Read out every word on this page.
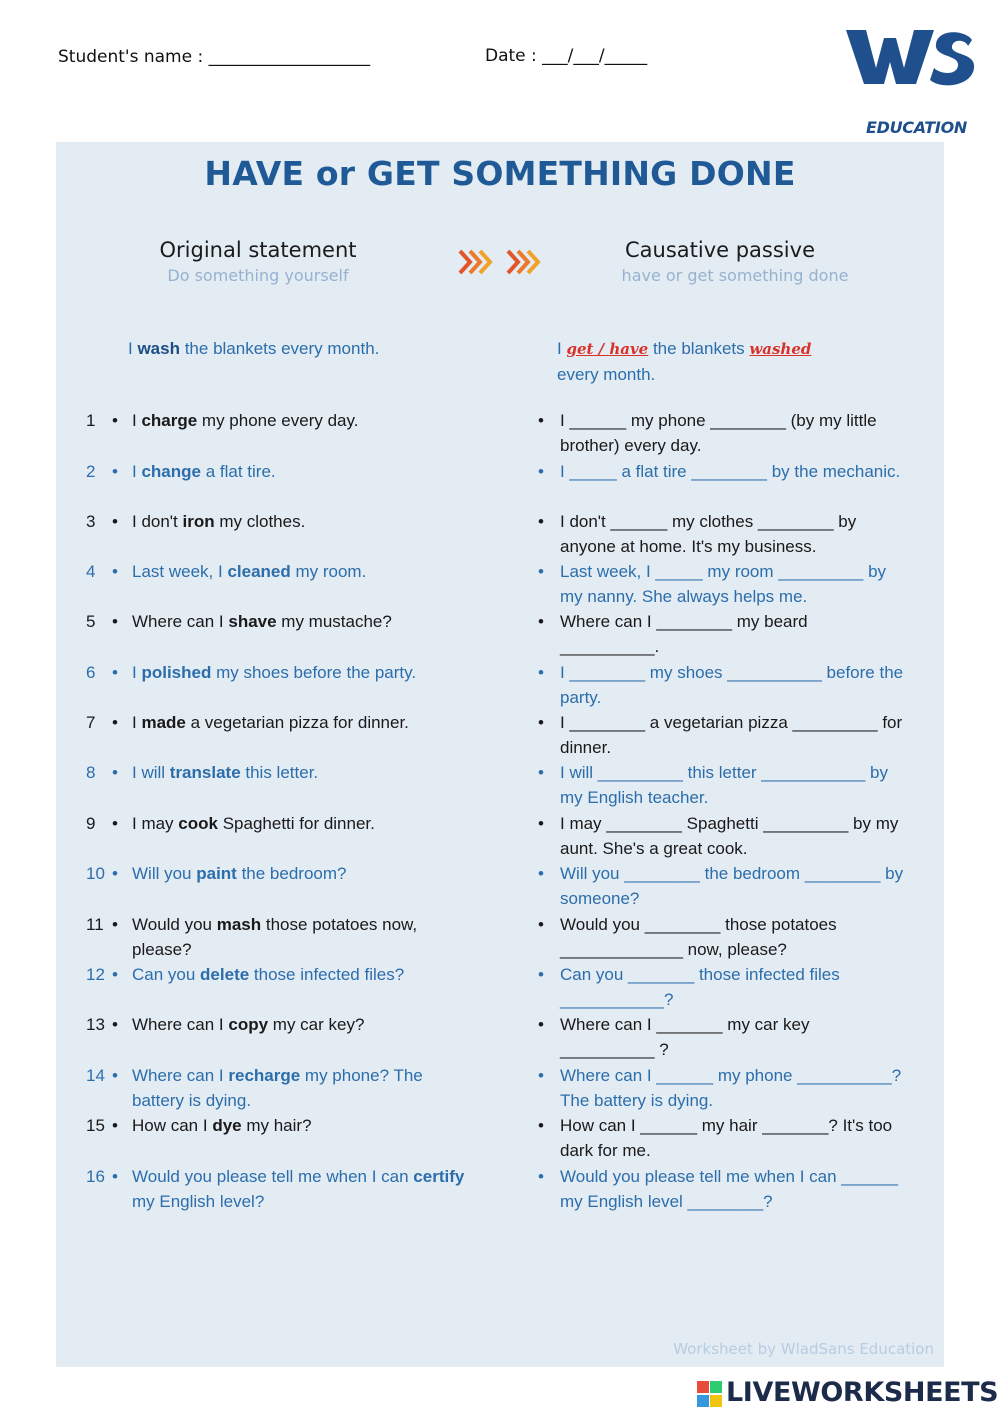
Student's name : ___________________	Date : ___/___/_____
EDUCATION
HAVE or GET SOMETHING DONE
Original statement
Do something yourself
Causative passive
have or get something done
I wash the blankets every month.	I get / have the blankets washed
every month.
1 • I charge my phone every day.	• I ______ my phone ________ (by my little brother) every day.
2 • I change a flat tire.	• I _____ a flat tire ________ by the mechanic.
3 • I don't iron my clothes.	• I don't ______ my clothes ________ by anyone at home. It's my business.
4 • Last week, I cleaned my room.	• Last week, I _____ my room _________ by my nanny. She always helps me.
5 • Where can I shave my mustache?	• Where can I ________ my beard __________.
6 • I polished my shoes before the party.	• I ________ my shoes __________ before the party.
7 • I made a vegetarian pizza for dinner.	• I ________ a vegetarian pizza _________ for dinner.
8 • I will translate this letter.	• I will _________ this letter ___________ by my English teacher.
9 • I may cook Spaghetti for dinner.	• I may ________ Spaghetti _________ by my aunt. She's a great cook.
10 • Will you paint the bedroom?	• Will you ________ the bedroom ________ by someone?
11 • Would you mash those potatoes now, please?
• Would you ________ those potatoes _____________ now, please?
12 • Can you delete those infected files?	• Can you _______ those infected files ___________?
13 • Where can I copy my car key?	• Where can I _______ my car key __________ ?
14 • Where can I recharge my phone? The battery is dying.
• Where can I ______ my phone __________? The battery is dying.
15 • How can I dye my hair?	• How can I ______ my hair _______? It's too dark for me.
16 • Would you please tell me when I can certify my English level?
• Would you please tell me when I can ______ my English level ________?
Worksheet by WladSans Education
LIVEWORKSHEETS
